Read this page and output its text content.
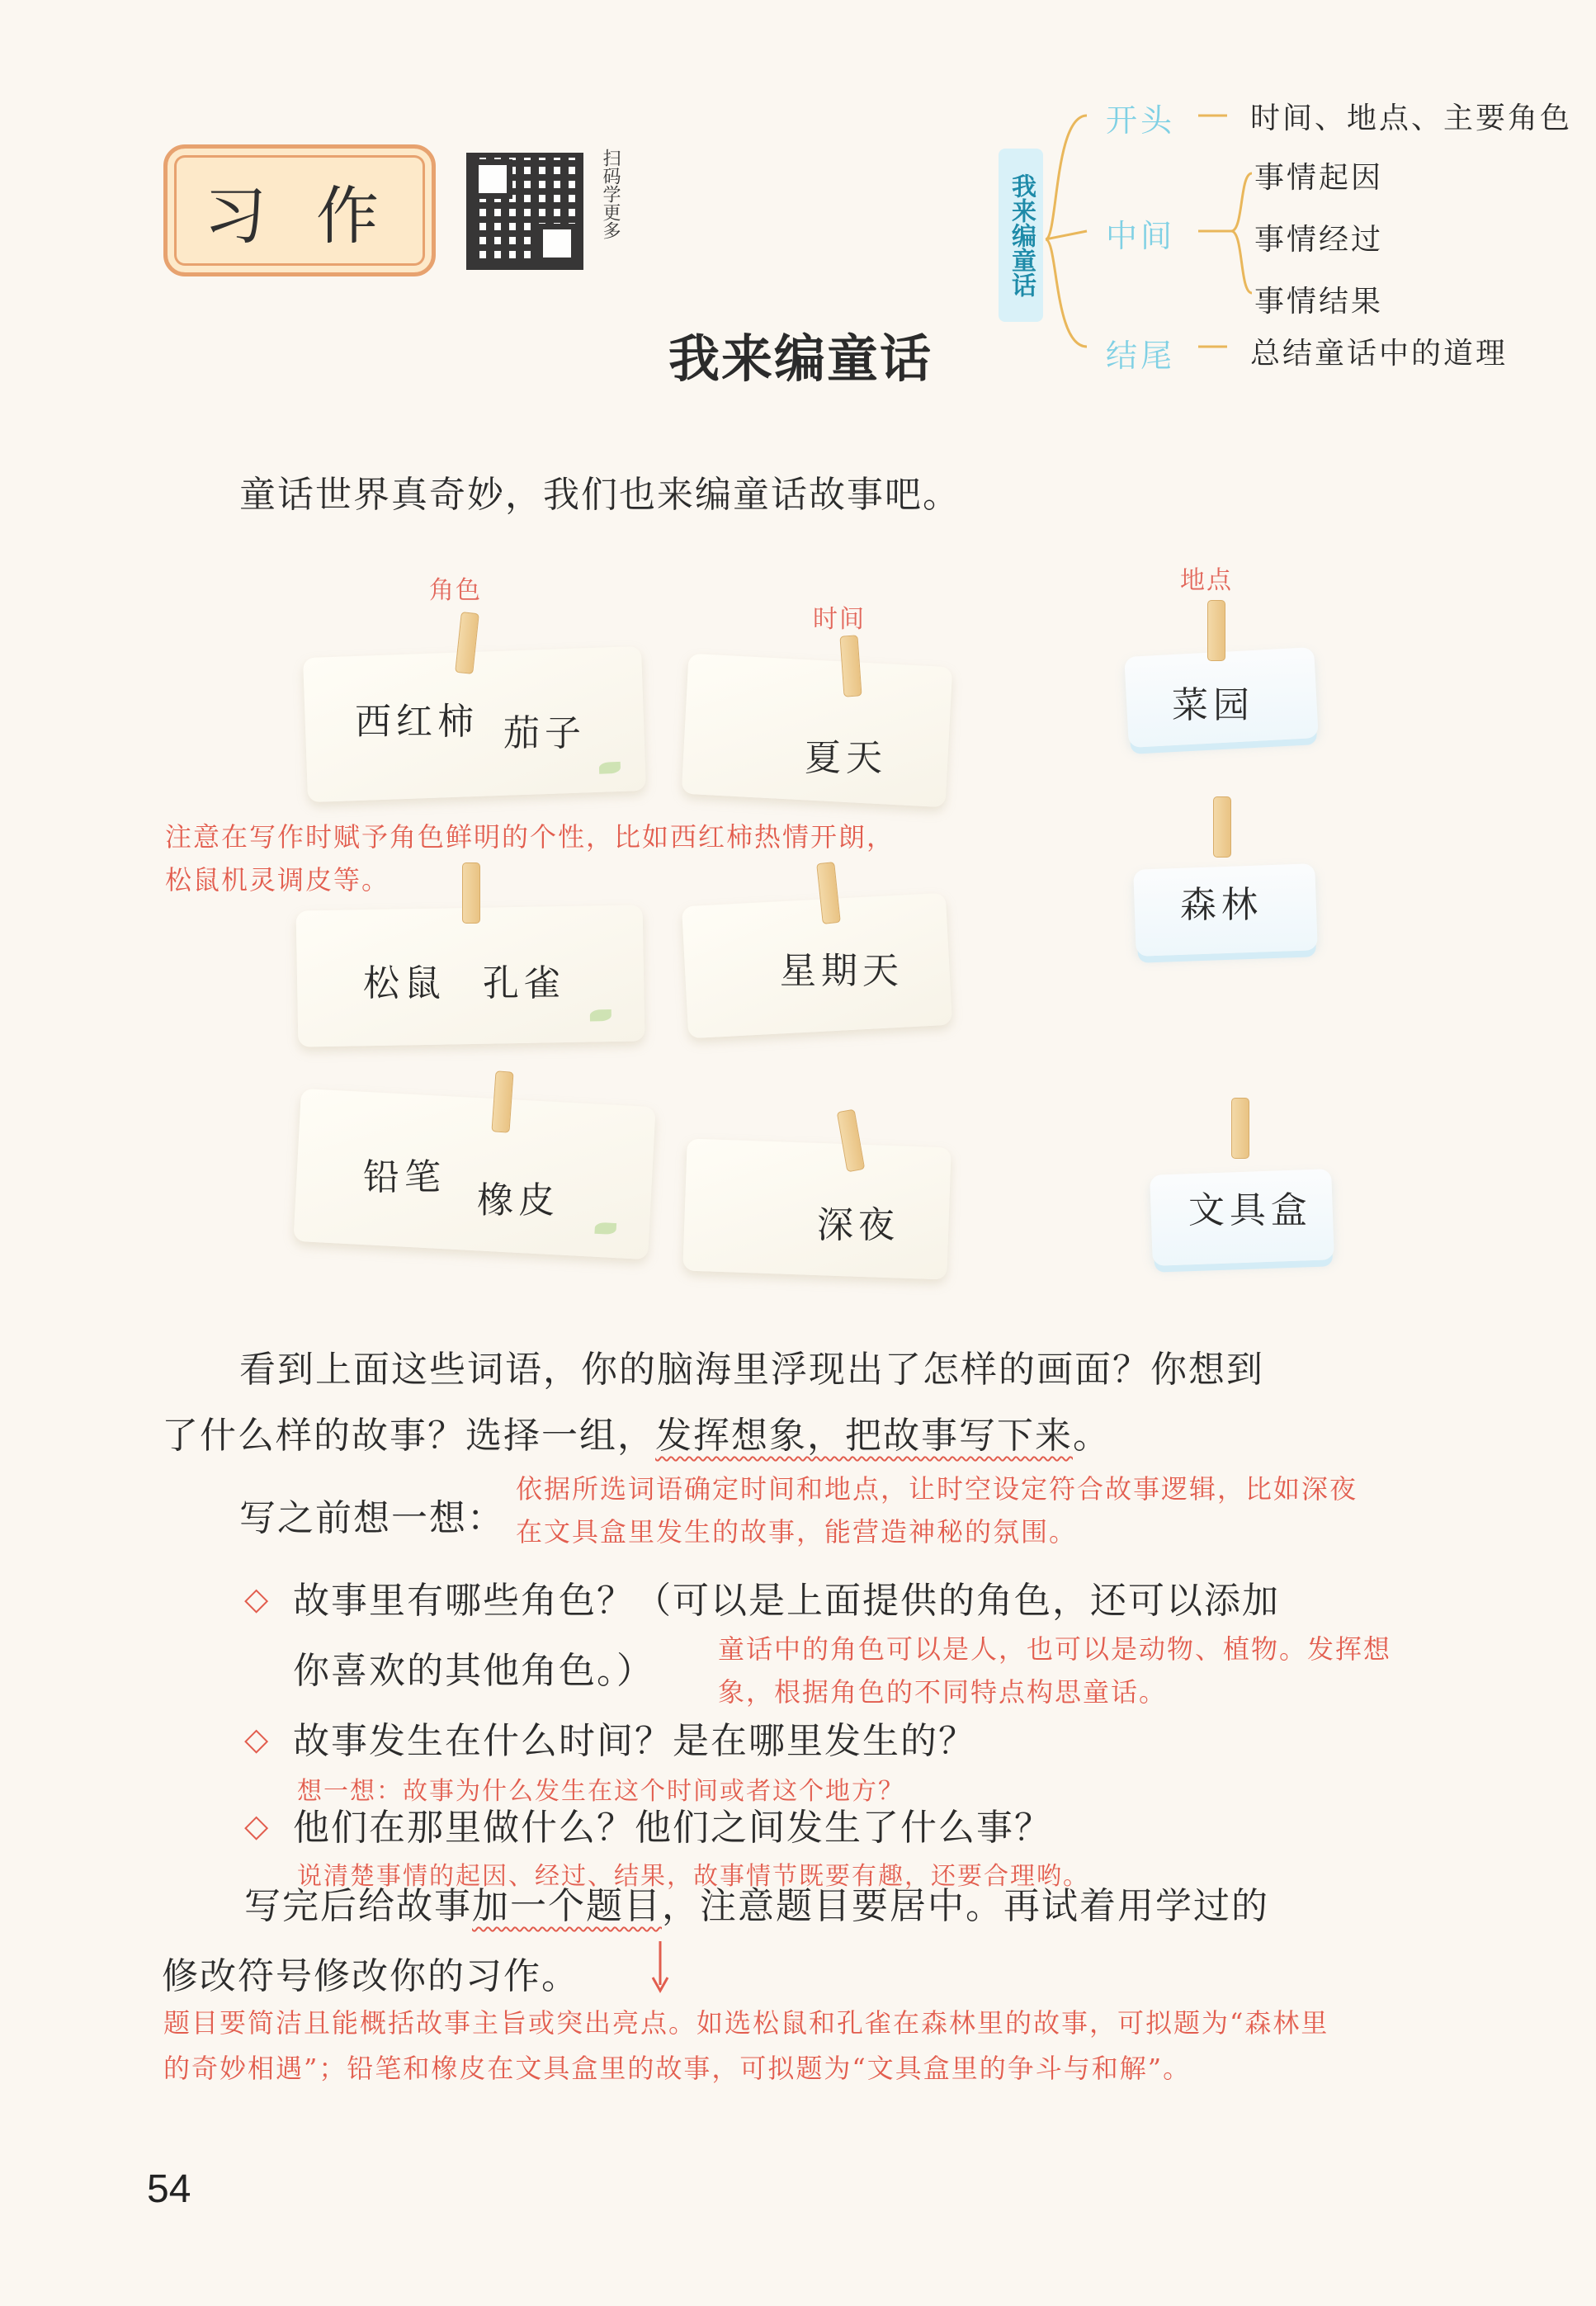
习作	扫码学更多
我来编童话
我来编童话
开头	时间、地点、主要角色
中间
事情起因
事情经过
事情结果
结尾	总结童话中的道理
童话世界真奇妙，我们也来编童话故事吧。
角色
时间
地点
西红柿 茄子
夏天
菜园
注意在写作时赋予角色鲜明的个性，比如西红柿热情开朗，
松鼠机灵调皮等。
松鼠 孔雀	星期天
森林
铅笔
橡皮
深夜	文具盒
看到上面这些词语，你的脑海里浮现出了怎样的画面？你想到
了什么样的故事？选择一组，发挥想象，把故事写下来。
依据所选词语确定时间和地点，让时空设定符合故事逻辑，比如深夜
在文具盒里发生的故事，能营造神秘的氛围。
写之前想一想：
◇ 故事里有哪些角色？（可以是上面提供的角色，还可以添加
你喜欢的其他角色。）
童话中的角色可以是人，也可以是动物、植物。发挥想
象，根据角色的不同特点构思童话。
◇ 故事发生在什么时间？是在哪里发生的？
想一想：故事为什么发生在这个时间或者这个地方？
◇ 他们在那里做什么？他们之间发生了什么事？
说清楚事情的起因、经过、结果，故事情节既要有趣，还要合理哟。
写完后给故事加一个题目，注意题目要居中。再试着用学过的
修改符号修改你的习作。
题目要简洁且能概括故事主旨或突出亮点。如选松鼠和孔雀在森林里的故事，可拟题为“森林里
的奇妙相遇”；铅笔和橡皮在文具盒里的故事，可拟题为“文具盒里的争斗与和解”。
54
